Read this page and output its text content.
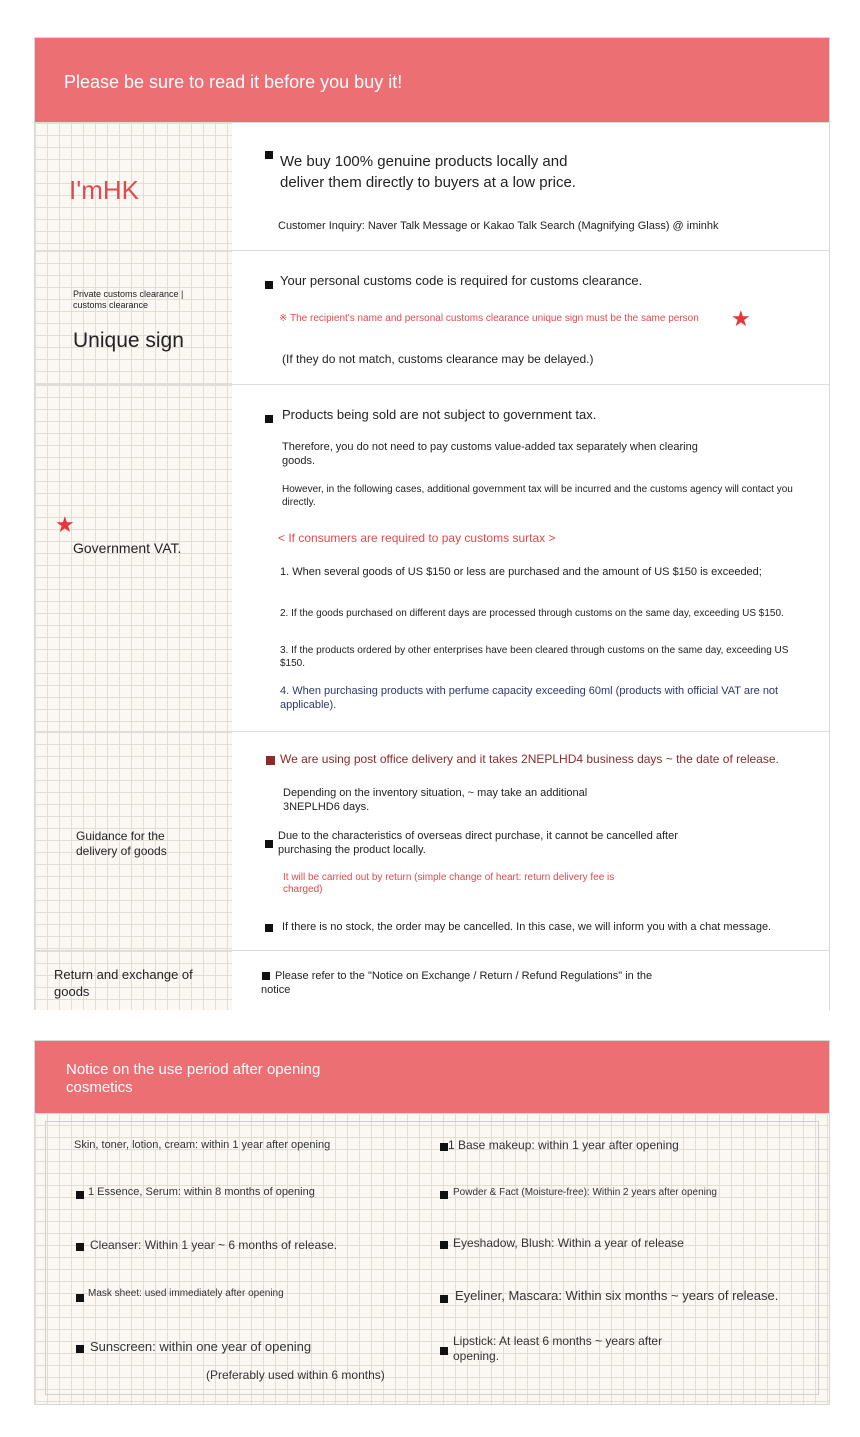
Please be sure to read it before you buy it!
I'mHK
We buy 100% genuine products locally and
deliver them directly to buyers at a low price.
Customer Inquiry: Naver Talk Message or Kakao Talk Search (Magnifying Glass) @ iminhk
Private customs clearance | customs clearance
Unique sign
Your personal customs code is required for customs clearance.
※ The recipient's name and personal customs clearance unique sign must be the same person ★
(If they do not match, customs clearance may be delayed.)
★
Government VAT.
Products being sold are not subject to government tax.
Therefore, you do not need to pay customs value-added tax separately when clearing goods.
However, in the following cases, additional government tax will be incurred and the customs agency will contact you directly.
< If consumers are required to pay customs surtax >
1. When several goods of US $150 or less are purchased and the amount of US $150 is exceeded;
2. If the goods purchased on different days are processed through customs on the same day, exceeding US $150.
3. If the products ordered by other enterprises have been cleared through customs on the same day, exceeding US $150.
4. When purchasing products with perfume capacity exceeding 60ml (products with official VAT are not applicable).
Guidance for the delivery of goods
We are using post office delivery and it takes 2NEPLHD4 business days ~ the date of release.
Depending on the inventory situation, ~ may take an additional 3NEPLHD6 days.
Due to the characteristics of overseas direct purchase, it cannot be cancelled after purchasing the product locally.
It will be carried out by return (simple change of heart: return delivery fee is charged)
If there is no stock, the order may be cancelled. In this case, we will inform you with a chat message.
Return and exchange of goods
Please refer to the "Notice on Exchange / Return / Refund Regulations" in the notice
Notice on the use period after opening cosmetics
Skin, toner, lotion, cream: within 1 year after opening
1 Essence, Serum: within 8 months of opening
Cleanser: Within 1 year ~ 6 months of release.
Mask sheet: used immediately after opening
Sunscreen: within one year of opening
(Preferably used within 6 months)
1 Base makeup: within 1 year after opening
Powder & Fact (Moisture-free): Within 2 years after opening
Eyeshadow, Blush: Within a year of release
Eyeliner, Mascara: Within six months ~ years of release.
Lipstick: At least 6 months ~ years after opening.
